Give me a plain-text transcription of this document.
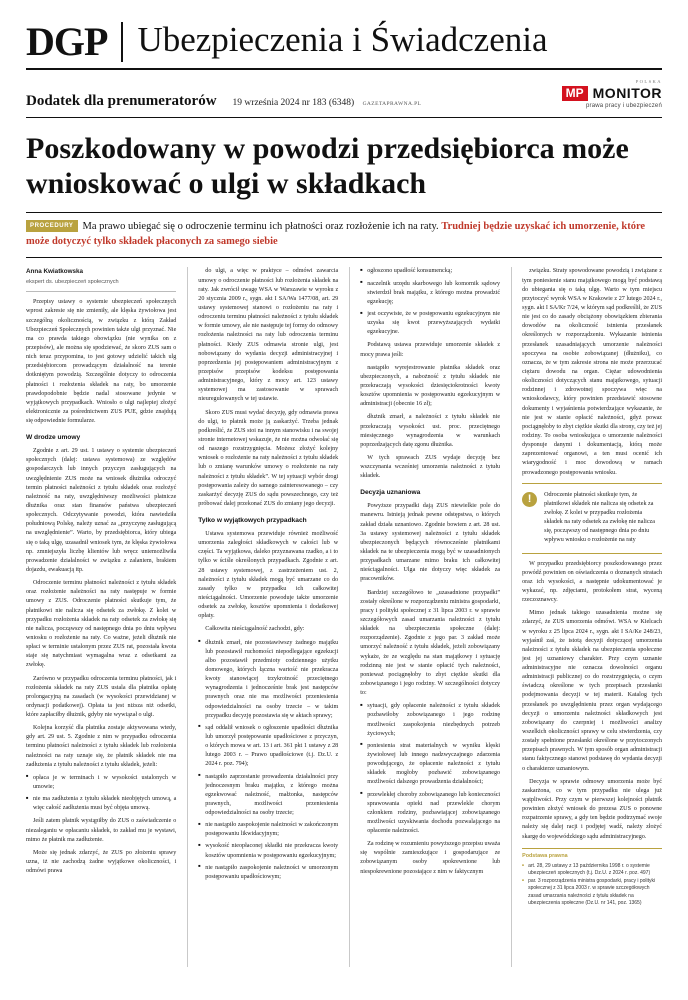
DGP Ubezpieczenia i Świadczenia
Dodatek dla prenumeratorów 19 września 2024 nr 183 (6348) GAZETAPRAWNA.PL
POLSKA
MP MONITOR
prawa pracy i ubezpieczeń
Poszkodowany w powodzi przedsiębiorca może wnioskować o ulgi w składkach
PROCEDURY Ma prawo ubiegać się o odroczenie terminu ich płatności oraz rozłożenie ich na raty. Trudniej będzie uzyskać ich umorzenie, które może dotyczyć tylko składek płaconych za samego siebie
Anna Kwiatkowska
ekspert ds. ubezpieczeń społecznych

Przepisy ustawy o systemie ubezpieczeń społecznych wprost zakresie się nie zmieniły, ale klęska żywiołowa jest szczególną okolicznością, w związku z którą Zakład Ubezpieczeń Społecznych powinien także ulgi przyznać. Nie ma co prawda takiego obowiązku (nie wynika on z przepisów), ale można się spodziewać, że skoro ZUS sam o nich teraz przypomina, to jest gotowy udzielić takich ulg przedsiębiorcom prowadzącym działalność na terenie dotkniętym powodzią. Szczególnie dotyczy to odroczenia płatności i rozłożenia składek na raty, bo umorzenie prawdopodobnie będzie nadal stosowane jedynie w wyjątkowych przypadkach. Wniosło o ulgi najlepiej złożyć elektronicznie za pośrednictwem ZUS PUE, gdzie znajdują się odpowiednie formularze.

W drodze umowy

Zgodnie z art. 29 ust. 1 ustawy o systemie ubezpieczeń społecznych (dalej: ustawa systemowa) ze względów gospodarczych lub innych przyczyn zasługujących na uwzględnienie ZUS może na wniosek dłużnika odroczyć termin płatności należności z tytułu składek oraz rozłożyć należność na raty, uwzględniwszy możliwości płatnicze dłużnika oraz stan finansów państwa ubezpieczeń społecznych. Odczytywanie powodzi, która nawiedziła południową Polskę, należy uznać za „przyczynę zasługującą na uwzględnienie”. Warto, by przedsiębiorca, który ubiega się o taką ulgę, uzasadnił wniosek tym, że klęska żywiołowa np. zmniejszyła liczbę klientów lub wręcz uniemożliwiła prowadzenie działalności w związku z zalaniem, brakiem dojazdu, ewakuacją itp.

Odroczenie terminu płatności należności z tytułu składek oraz rozłożenie należności na raty następuje w formie umowy z ZUS. Odroczenie płatności skutkuje tym, że płatnikowi nie nalicza się odsetek za zwłokę. Z kolei w przypadku rozłożenia składek na raty odsetek za zwłokę się nie nalicza, począwszy od następnego dnia po dniu wpływu wniosku o rozłożenie na raty. Co ważne, jeżeli dłużnik nie spłaci w terminie ustalonym przez ZUS rat, pozostała kwota staje się natychmiast wymagalna wraz z odsetkami za zwłokę.

Zarówno w przypadku odroczenia terminu płatności, jak i rozłożenia składek na raty ZUS ustala dla płatnika opłatę prolongacyjną na zasadach (w wysokości przewidzianej w ordynacji podatkowej). Opłata ta jest niższa niż odsetki, które zapłaciłby dłużnik, gdyby nie wywiązał o ulgi.

Kolejna korzyść dla płatnika zostaje aktywowana wtedy, gdy art. 29 ust. 5. Zgodnie z nim w przypadku odroczenia terminu płatności należności z tytułu składek lub rozłożenia należności na raty uznaje się, że płatnik składek nie ma zadłużenia z tytułu należności z tytułu składek, jeżeli:

■ opłaca je w terminach i w wysokości ustalonych w umowie;
■ nie ma zadłużenia z tytułu składek nieobjętych umową, a więc całość zadłużenia musi być objęta umową.

Jeśli zatem płatnik wystąpiłby do ZUS o zaświadczenie o niezaleganiu w opłacaniu składek, to zakład mu je wystawi, mimo że płatnik ma zadłużenie.

Może się jednak zdarzyć, że ZUS po złożeniu sprawy uzna, iż nie zachodzą żadne wyjątkowe okoliczności, i odmówi prawa

do ulgi, a więc w praktyce – odmówi zawarcia umowy o odroczenie płatności lub rozłożenia składek na raty. Jak zwrócił uwagę WSA w Warszawie w wyroku z 20 stycznia 2009 r., sygn. akt I SA/Wa 1477/08, art. 29 ustawy systemowej stanowi o rozłożeniu na raty i odroczeniu terminu płatności należności z tytułu składek w formie umowy, ale nie następuje tej formy do odmowy rozłożenia należności na raty lub odroczenia terminu płatności. Kiedy ZUS odmawia stronie ulgi, jest nobowiązany do wydania decyzji administracyjnej i poprzedzenia jej postępowaniem administracyjnym z przepisów przepisów kodeksu postępowania administracyjnego, który z mocy art. 123 ustawy systemowej ma zastosowanie w sprawach nieuregulowanych w tej ustawie.

Skoro ZUS musi wydać decyzję, gdy odmawia prawa do ulgi, to płatnik może ją zaskarżyć. Trzeba jednak podkreślić, że ZUS stoi na innym stanowisku i na swojej stronie internetowej wskazuje, że nie można odwołać się od naszego rozstrzygnięcia. Możesz złożyć kolejny wniosek o rozłożenie na raty należności z tytułu składek lub o zmianę warunków umowy o rozłożenie na raty należności z tytułu składek”. W tej sytuacji wybór drogi postępowania zależy do samego zainteresowanego – czy zaskarżyć decyzję ZUS do sądu powszechnego, czy też próbować dalej przekonać ZUS do zmiany jego decyzji.

Tylko w wyjątkowych przypadkach

Ustawa systemowa przewiduje również możliwość umorzenia zaległości składkowych w całości lub w części. Ta wyjątkowa, daleko przyznawana rzadko, a i to tylko w ściśle określonych przypadkach. Zgodnie z art. 28 ustawy systemowej, z zastrzeżeniem ust. 2, należności z tytułu składek mogą być umarzane co do zasady tylko w przypadku ich całkowitej nieściągalności. Umorzenie powoduje także umorzenie odsetek za zwłokę, kosztów upomnienia i dodatkowej opłaty.

Całkowita nieściągalność zachodzi, gdy:

■ dłużnik zmarł, nie pozostawiwszy żadnego majątku lub pozostawił ruchomości niepodlegające egzekucji albo pozostawił przedmioty codziennego użytku domowego, których łączna wartość nie przekracza kwoty stanowiącej trzykrotność przeciętnego wynagrodzenia i jednocześnie brak jest następców prawnych oraz nie ma możliwości przeniesienia odpowiedzialności na osoby trzecie – w takim przypadku decyzję pozostawia się w aktach sprawy;
■ sąd oddalił wniosek o ogłoszenie upadłości dłużnika lub umorzył postępowanie upadłościowe z przyczyn, o których mowa w art. 13 i art. 361 pkt 1 ustawy z 28 lutego 2003 r. – Prawo upadłościowe (t.j. Dz.U. z 2024 r. poz. 794);
■ nastąpiło zaprzestanie prowadzenia działalności przy jednoczesnym braku majątku, z którego można egzekwować należność, małżonka, następców prawnych, możliwości przeniesienia odpowiedzialności na osoby trzecie;
■ nie nastąpiło zaspokojenie należności w zakończonym postępowaniu likwidacyjnym;
■ wysokość nieopłaconej składki nie przekracza kwoty kosztów upomnienia w postępowaniu egzekucyjnym;
■ nie nastąpiło zaspokojenie należności w umorzonym postępowaniu upadłościowym;
■ ogłoszono upadłość konsumencką;
■ naczelnik urzędu skarbowego lub komornik sądowy stwierdził brak majątku, z którego można prowadzić egzekucję;
■ jest oczywiste, że w postępowaniu egzekucyjnym nie uzyska się kwot przewyższających wydatki egzekucyjne.

Podstawą ustawa przewiduje umorzenie składek z mocy prawa jeśli:

nastąpiło wyrejestrowanie płatnika składek oraz ubezpieczonych, a nabożność z tytułu składek nie przekraczają wysokości dziesięciokrotności kwoty kosztów upomnienia w postępowaniu egzekucyjnym w administracji (obecnie 16 zł);

dłużnik zmarł, a należności z tytułu składek nie przekraczają wysokości ust. proc. przeciętnego miesięcznego wynagrodzenia w warunkach poprzedzających datę zgonu dłużnika.

W tych sprawach ZUS wydaje decyzję bez wszczynania wcześniej umorzenia należności z tytułu składek.

Decyzja uznaniowa

Powyższe przypadki dają ZUS niewielkie pole do manewru. Istnieją jednak pewne odstępstwa, o których zakład działa uznaniowo. Zgodnie bowiem z art. 28 ust. 3a ustawy systemowej należności z tytułu składek ubezpieczonych będących równocześnie płatnikami składek na te ubezpieczenia mogą być w uzasadnionych przypadkach umarzane mimo braku ich całkowitej nieściągalności. Ulga nie dotyczy więc składek za pracowników.

Bardziej szczegółowo te „uzasadnione przypadki” zostały określone w rozporządzeniu ministra gospodarki, pracy i polityki społecznej z 31 lipca 2003 r. w sprawie szczegółowych zasad umarzania należności z tytułu składek na ubezpieczenia społeczne (dalej: rozporządzenie). Zgodnie z jego par. 3 zakład może umorzyć należność z tytułu składek, jeżeli zobowiązany wykaże, że ze względu na stan majątkowy i sytuację rodzinną nie jest w stanie opłacić tych należności, ponieważ pociągnęłoby to zbyt ciężkie skutki dla zobowiązanego i jego rodziny. W szczególności dotyczy to:

■ sytuacji, gdy opłacenie należności z tytułu składek pozbawiłoby zobowiązanego i jego rodzinę możliwości zaspokojenia niezbędnych potrzeb życiowych;
■ poniesienia strat materialnych w wyniku klęski żywiołowej lub innego nadzwyczajnego zdarzenia powodującego, że opłacenie należności z tytułu składek mogłoby pozbawić zobowiązanego możliwości dalszego prowadzenia działalności;
■ przewlekłej choroby zobowiązanego lub konieczności sprawowania opieki nad przewlekle chorym członkiem rodziny, pozbawiającej zobowiązanego możliwości uzyskiwania dochodu pozwalającego na opłacenie należności.

Za rodzinę w rozumieniu powyższego przepisu uważa się wspólnie zamieszkujące i gospodarujące ze zobowiązanym osoby spokrewnione lub niespokrewnione pozostające z nim w faktycznym

związku. Straty spowodowane powodzią i zwiążane z tym poniesienie stanu majątkowego mogą być podstawą do ubiegania się o taką ulgę. Warto w tym miejscu przytoczyć wyrok WSA w Krakowie z 27 lutego 2024 r., sygn. akt I SA/Kr 7/24, w którym sąd podkreślił, że ZUS nie jest co do zasady obciążony obowiązkiem zbierania dowodów na okoliczność istnienia przesłanek określonych w rozporządzeniu. Wykazanie istnienia przesłanek uzasadniających umorzenie należności spoczywa na osobie zobowiązanej (dłużniku), co oznacza, że w tym zakresie strona nie może przerzucać ciężaru dowodu na organ. Ciężar udowodnienia okoliczności dotyczących stanu majątkowego, sytuacji rodzinnej i zdrowotnej spoczywa więc na wnioskodawcy, który powinien przedstawić stosowne dokumenty i wyjaśnienia potwierdzające wykazanie, że nie jest w stanie opłacić należności, gdyż powaz pociągnęłoby to zbyt ciężkie skutki dla strony, czy też jej rodziny. To osoba wnioskująca o umorzenie należności dysponuje danymi i dokumentacją, którą może zaprezentować organowi, a ten musi ocenić ich wiarygodność i moc dowodową w ramach prowadzonego postępowania wniosku.

!	Odroczenie płatności skutkuje tym, że płatnikowi składek nie nalicza się odsetek za zwłokę. Z kolei w przypadku rozłożenia składek na raty odsetek za zwłokę nie nalicza się, począwszy od następnego dnia po dniu wpływu wniosku o rozłożenie na raty

W przypadku przedsiębiorcy poszkodowanego przez powódź powinien on oświadczenia o doznanych stratach oraz ich wysokości, a następnie udokumentować je wykazać, np. zdjęciami, protokołem strat, wyceną rzeczoznawcy.

Mimo jednak takiego uzasadnienia możne się zdarzyć, że ZUS umorzenia odmówi. WSA w Kielcach w wyroku z 25 lipca 2024 r., sygn. akt I SA/Ke 248/23, wyjaśnił zaś, że istotą decyzji dotyczącej umorzenia należności z tytułu składek na ubezpieczenia społeczne jest jej uznaniowy charakter. Przy czym uznanie administracyjne nie oznacza dowolności organu administracji publicznej co do rozstrzygnięcia, o czym świadczą określone w tych przepisach przesłanki podejmowania decyzji w tej materii. Katalog tych przesłanek po uwzględnieniu przez organ wydającego decyzji o umorzeniu należności składkowych jest zobowiązany do czerpniej i możliwości analizy wszelkich okoliczności sprawy w celu stwierdzenia, czy zostały spełnione przesłanki określone w przytoczonych przepisach prawnych. W tym sposób organ administracji stanu faktycznego stanowi podstawę do wydania decyzji o charakterze uznaniowym.

Decyzja w sprawie odmowy umorzenia może być zaskarżona, co w tym przypadku nie ulega już wątpliwości. Przy czym w pierwszej kolejności płatnik powinien złożyć wniosek do prezesa ZUS o ponowne rozpatrzenie sprawy, a gdy ten będzie podtrzymać swoje należy się dalej racji i podjętej wadź, należy złożyć skargę do wojewódzkiego sądu administracyjnego.

Podstawa prawna
■ art. 28, 29 ustawy z 13 października 1998 r. o systemie ubezpieczeń społecznych (t.j. Dz.U. z 2024 r. poz. 497)
■ par. 3 rozporządzenia ministra gospodarki, pracy i polityki społecznej z 31 lipca 2003 r. w sprawie szczegółowych zasad umarzania należności z tytułu składek na ubezpieczenia społeczne (Dz.U. nr 141, poz. 1365)
